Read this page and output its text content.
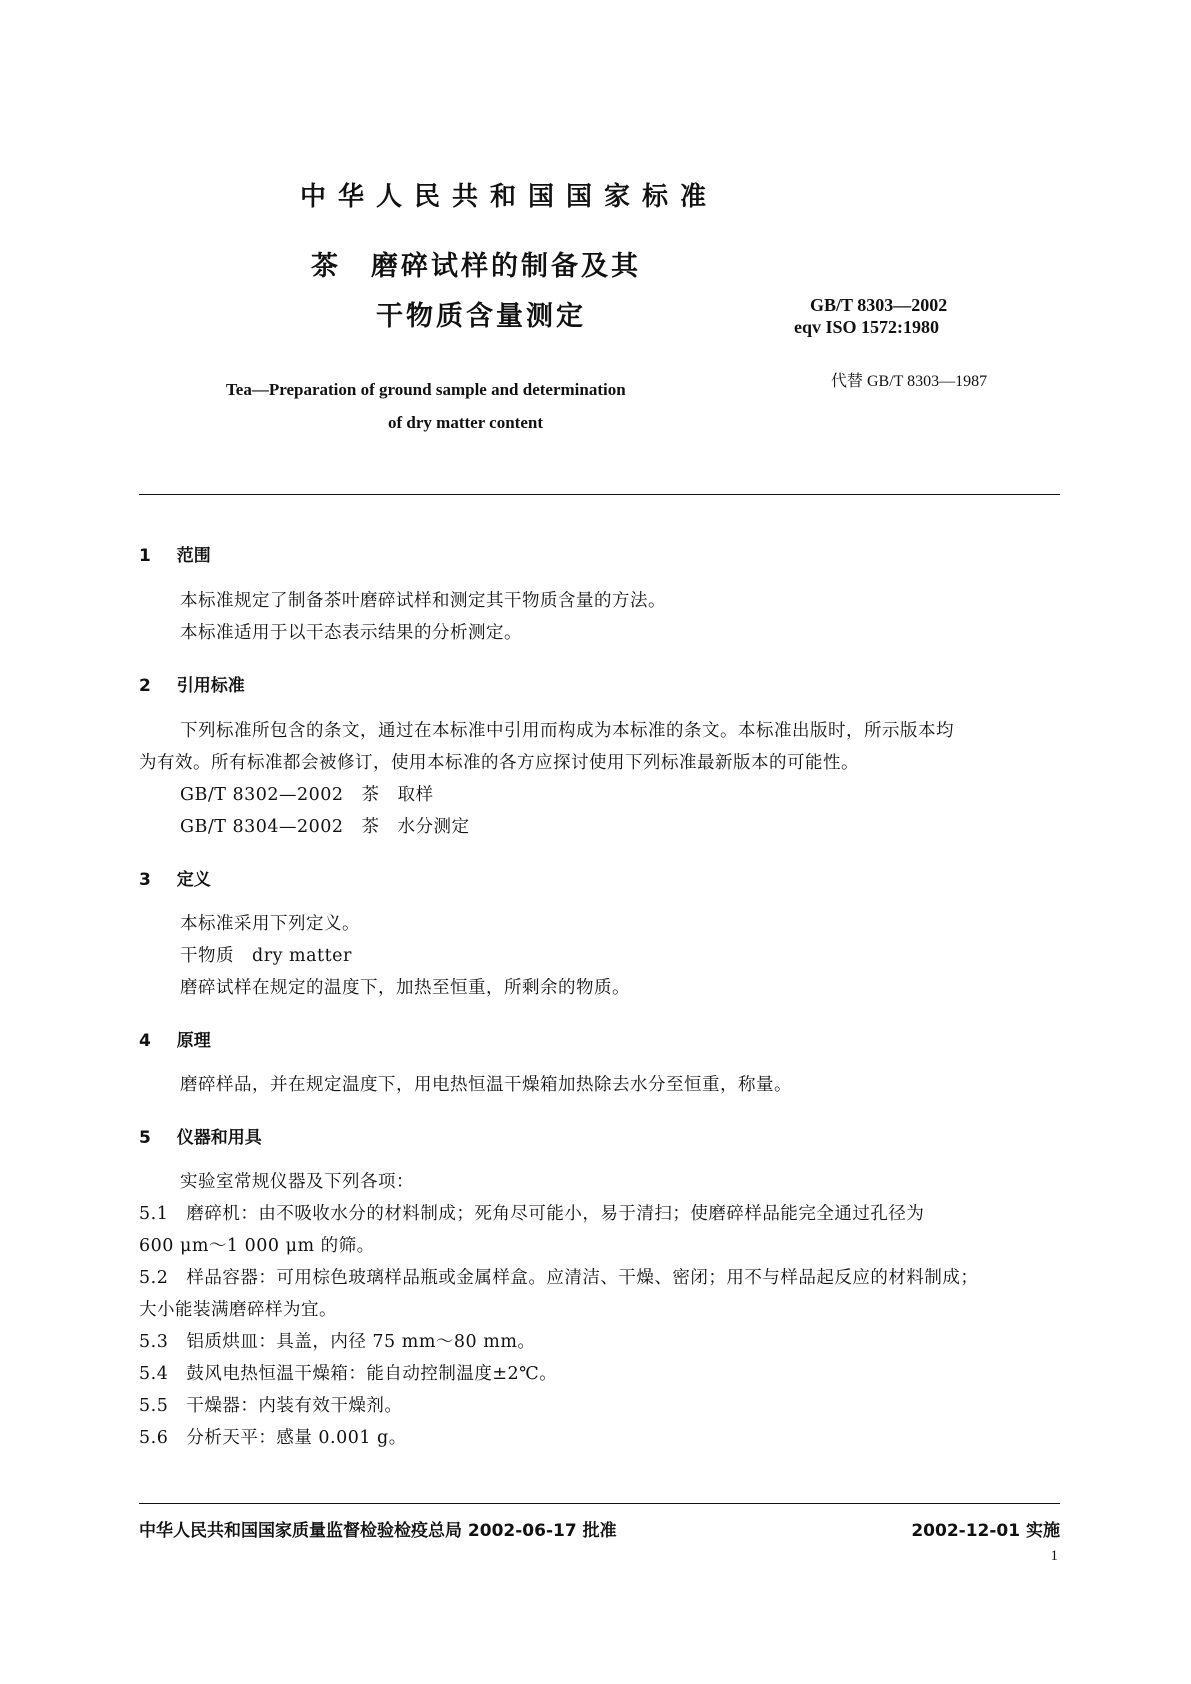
中华人民共和国国家标准
茶　磨碎试样的制备及其
干物质含量测定	GB/T 8303—2002
eqv ISO 1572:1980
代替 GB/T 8303—1987
Tea—Preparation of ground sample and determination
of dry matter content
1 范围
本标准规定了制备茶叶磨碎试样和测定其干物质含量的方法。
本标准适用于以干态表示结果的分析测定。
2 引用标准
下列标准所包含的条文，通过在本标准中引用而构成为本标准的条文。本标准出版时，所示版本均
为有效。所有标准都会被修订，使用本标准的各方应探讨使用下列标准最新版本的可能性。
GB/T 8302—2002　茶　取样
GB/T 8304—2002　茶　水分测定
3 定义
本标准采用下列定义。
干物质　dry matter
磨碎试样在规定的温度下，加热至恒重，所剩余的物质。
4 原理
磨碎样品，并在规定温度下，用电热恒温干燥箱加热除去水分至恒重，称量。
5 仪器和用具
实验室常规仪器及下列各项：
5.1　磨碎机：由不吸收水分的材料制成；死角尽可能小，易于清扫；使磨碎样品能完全通过孔径为
600 μm～1 000 μm 的筛。
5.2　样品容器：可用棕色玻璃样品瓶或金属样盒。应清洁、干燥、密闭；用不与样品起反应的材料制成；
大小能装满磨碎样为宜。
5.3　铝质烘皿：具盖，内径 75 mm～80 mm。
5.4　鼓风电热恒温干燥箱：能自动控制温度±2℃。
5.5　干燥器：内装有效干燥剂。
5.6　分析天平：感量 0.001 g。
中华人民共和国国家质量监督检验检疫总局 2002-06-17 批准	2002-12-01 实施
1
